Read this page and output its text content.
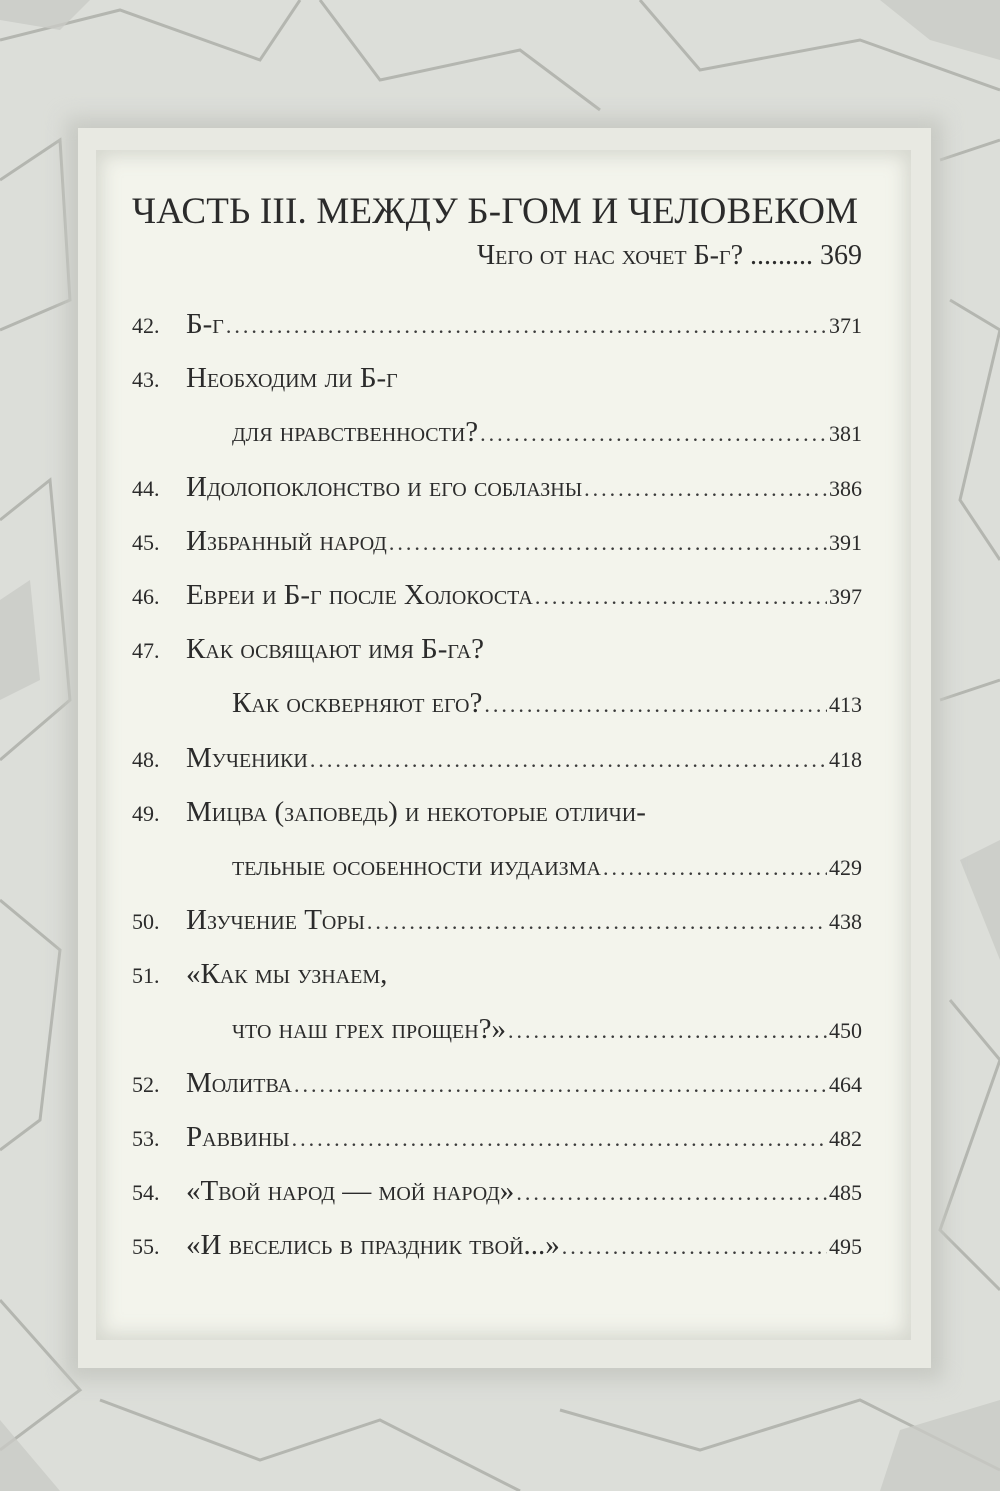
ЧАСТЬ III. МЕЖДУ Б-ГОМ И ЧЕЛОВЕКОМ
Чего от нас хочет Б-г? ......... 369
42. Б-г .....	371
43. Необходим ли Б-г
для нравственности? .....	381
44. Идолопоклонство и его соблазны .....	386
45. Избранный народ .....	391
46. Евреи и Б-г после Холокоста .....	397
47. Как освящают имя Б-га?
Как оскверняют его? .....	413
48. Мученики .....	418
49. Мицва (заповедь) и некоторые отличи-
тельные особенности иудаизма .....	429
50. Изучение Торы .....	438
51. «Как мы узнаем,
что наш грех прощен?» .....	450
52. Молитва .....	464
53. Раввины .....	482
54. «Твой народ — мой народ» .....	485
55. «И веселись в праздник твой...» .....	495
